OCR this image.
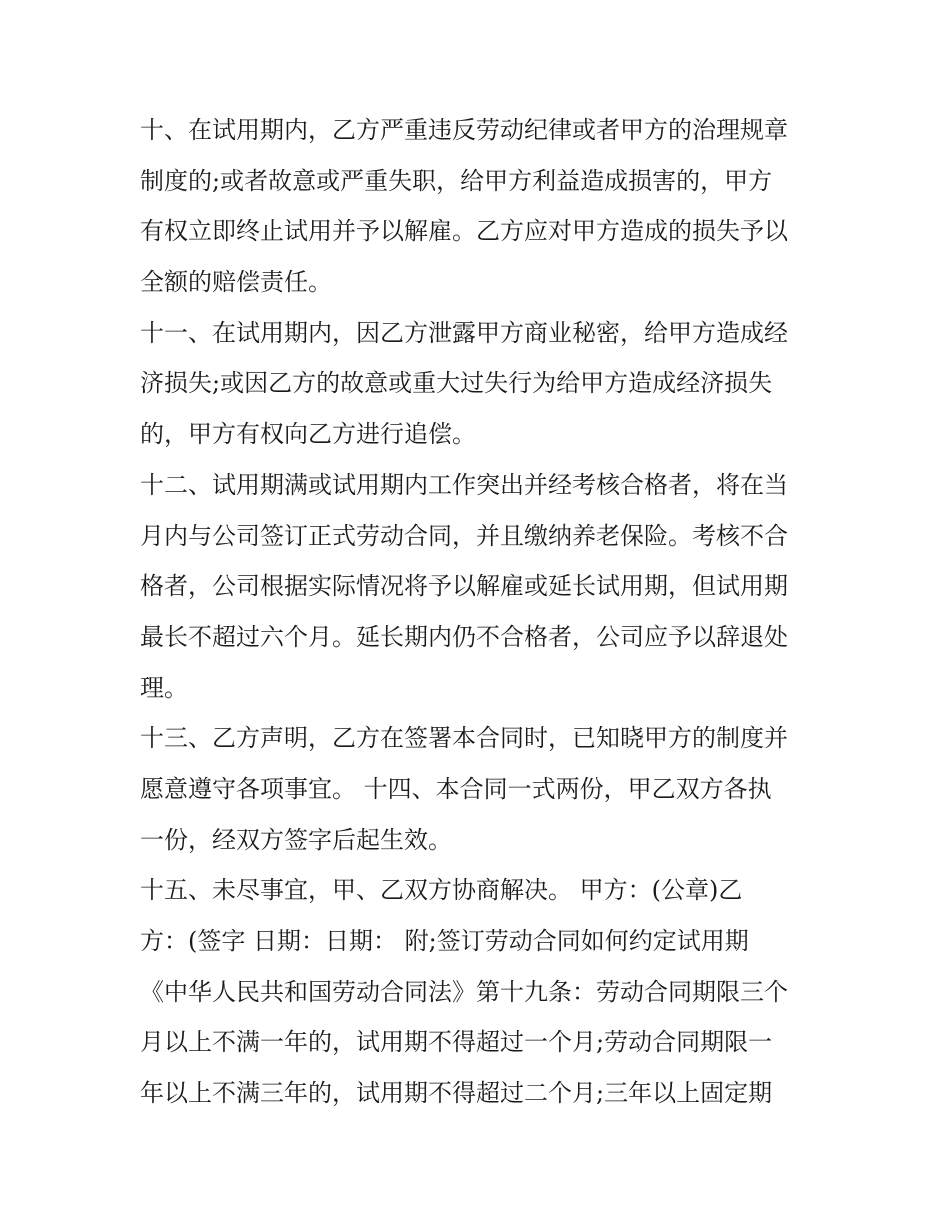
十、在试用期内，乙方严重违反劳动纪律或者甲方的治理规章
制度的;或者故意或严重失职，给甲方利益造成损害的，甲方
有权立即终止试用并予以解雇。乙方应对甲方造成的损失予以
全额的赔偿责任。
十一、在试用期内，因乙方泄露甲方商业秘密，给甲方造成经
济损失;或因乙方的故意或重大过失行为给甲方造成经济损失
的，甲方有权向乙方进行追偿。
十二、试用期满或试用期内工作突出并经考核合格者，将在当
月内与公司签订正式劳动合同，并且缴纳养老保险。考核不合
格者，公司根据实际情况将予以解雇或延长试用期，但试用期
最长不超过六个月。延长期内仍不合格者，公司应予以辞退处
理。
十三、乙方声明，乙方在签署本合同时，已知晓甲方的制度并
愿意遵守各项事宜。 十四、本合同一式两份，甲乙双方各执
一份，经双方签字后起生效。
十五、未尽事宜，甲、乙双方协商解决。 甲方：(公章)乙
方：(签字 日期：日期： 附;签订劳动合同如何约定试用期
《中华人民共和国劳动合同法》第十九条：劳动合同期限三个
月以上不满一年的，试用期不得超过一个月;劳动合同期限一
年以上不满三年的，试用期不得超过二个月;三年以上固定期
